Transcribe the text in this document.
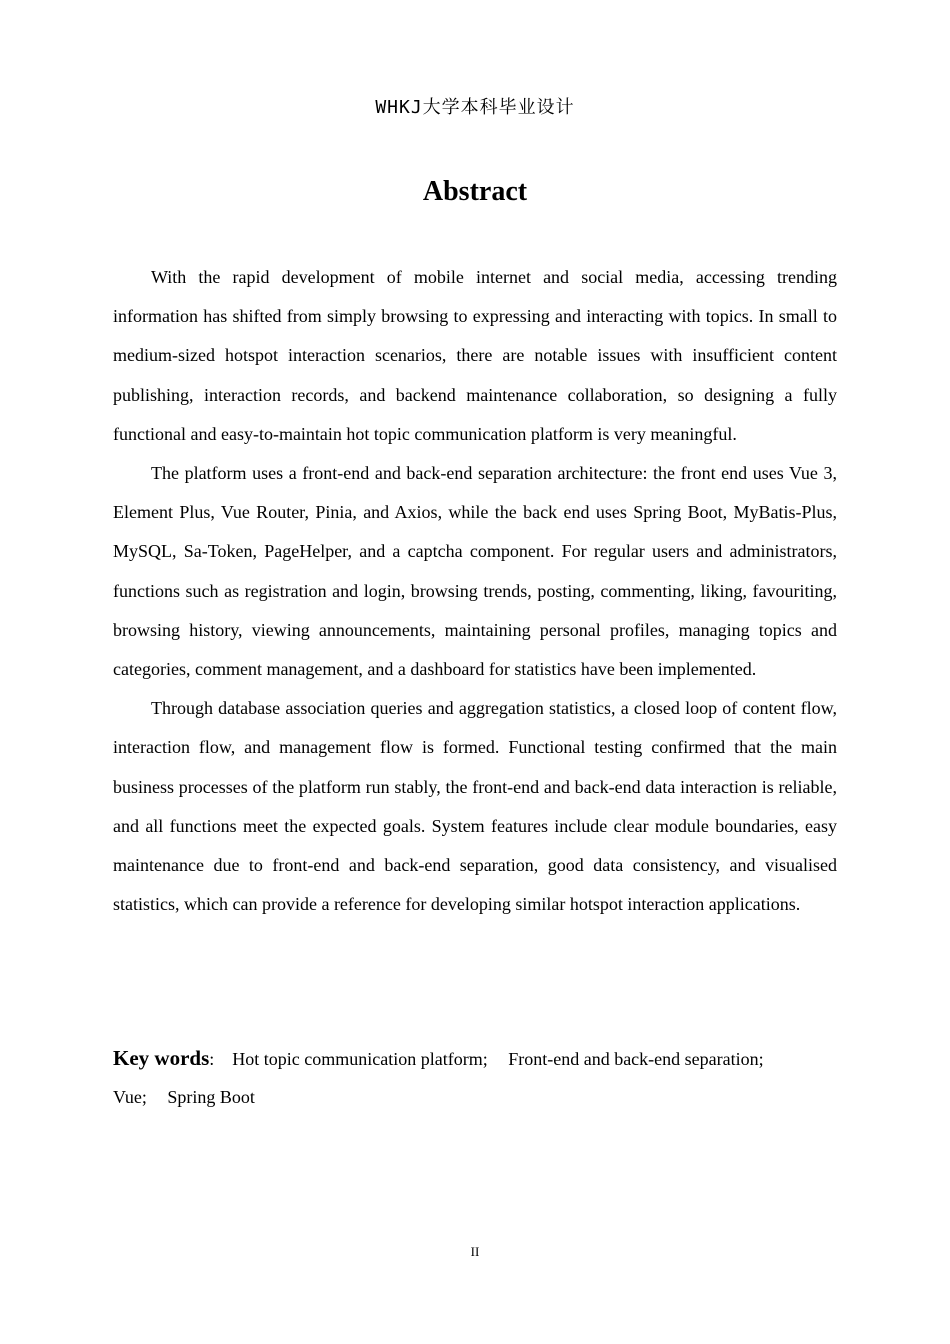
WHKJ大学本科毕业设计
Abstract

With the rapid development of mobile internet and social media, accessing trending information has shifted from simply browsing to expressing and interacting with topics. In small to medium-sized hotspot interaction scenarios, there are notable issues with insufficient content publishing, interaction records, and backend maintenance collaboration, so designing a fully functional and easy-to-maintain hot topic communication platform is very meaningful.

The platform uses a front-end and back-end separation architecture: the front end uses Vue 3, Element Plus, Vue Router, Pinia, and Axios, while the back end uses Spring Boot, MyBatis-Plus, MySQL, Sa-Token, PageHelper, and a captcha component. For regular users and administrators, functions such as registration and login, browsing trends, posting, commenting, liking, favouriting, browsing history, viewing announcements, maintaining personal profiles, managing topics and categories, comment management, and a dashboard for statistics have been implemented.

Through database association queries and aggregation statistics, a closed loop of content flow, interaction flow, and management flow is formed. Functional testing confirmed that the main business processes of the platform run stably, the front-end and back-end data interaction is reliable, and all functions meet the expected goals. System features include clear module boundaries, easy maintenance due to front-end and back-end separation, good data consistency, and visualised statistics, which can provide a reference for developing similar hotspot interaction applications.

Key words: Hot topic communication platform; Front-end and back-end separation;
Vue; Spring Boot
II
